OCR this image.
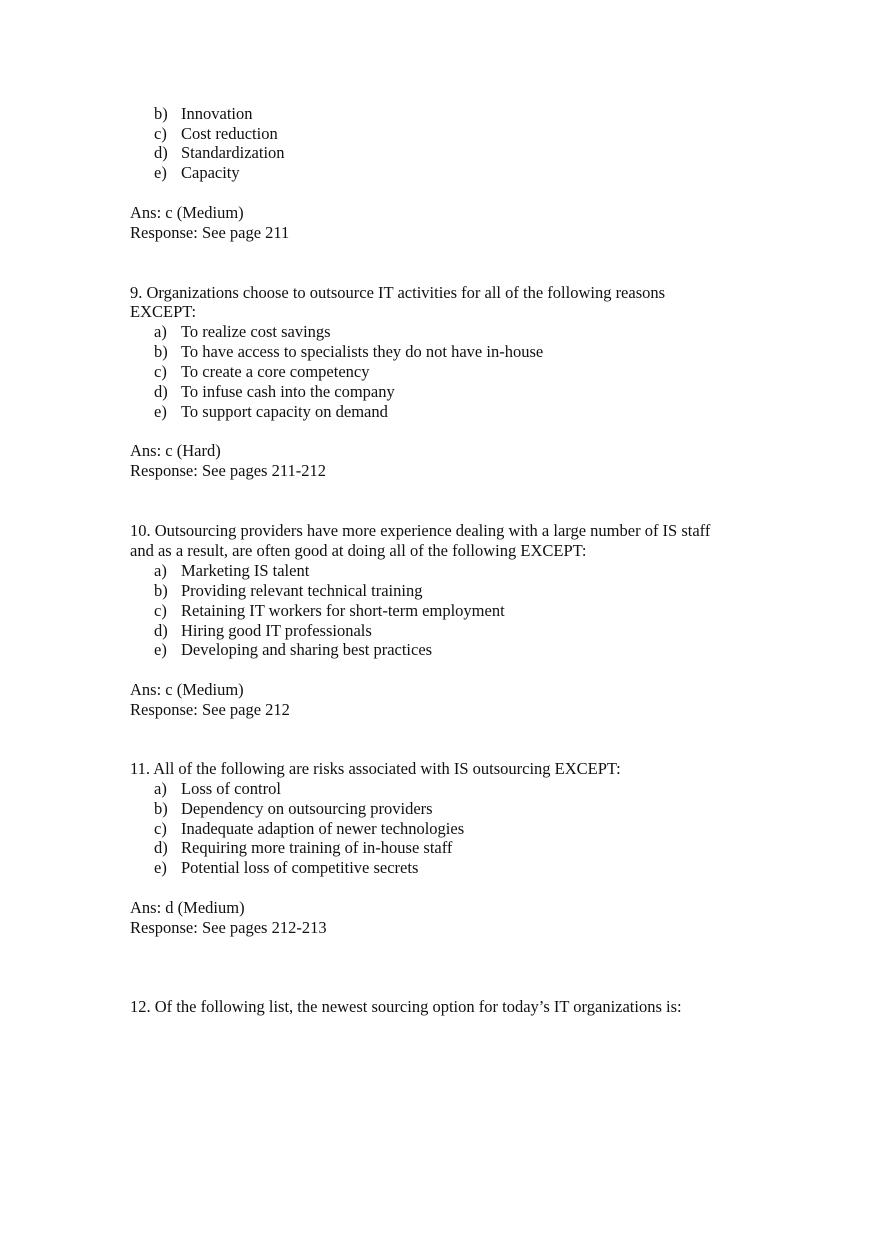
b) Innovation
c) Cost reduction
d) Standardization
e) Capacity
Ans: c (Medium)
Response: See page 211
9. Organizations choose to outsource IT activities for all of the following reasons
EXCEPT:
a) To realize cost savings
b) To have access to specialists they do not have in-house
c) To create a core competency
d) To infuse cash into the company
e) To support capacity on demand
Ans: c (Hard)
Response: See pages 211-212
10. Outsourcing providers have more experience dealing with a large number of IS staff
and as a result, are often good at doing all of the following EXCEPT:
a) Marketing IS talent
b) Providing relevant technical training
c) Retaining IT workers for short-term employment
d) Hiring good IT professionals
e) Developing and sharing best practices
Ans: c (Medium)
Response: See page 212
11. All of the following are risks associated with IS outsourcing EXCEPT:
a) Loss of control
b) Dependency on outsourcing providers
c) Inadequate adaption of newer technologies
d) Requiring more training of in-house staff
e) Potential loss of competitive secrets
Ans: d (Medium)
Response: See pages 212-213
12. Of the following list, the newest sourcing option for today’s IT organizations is:
